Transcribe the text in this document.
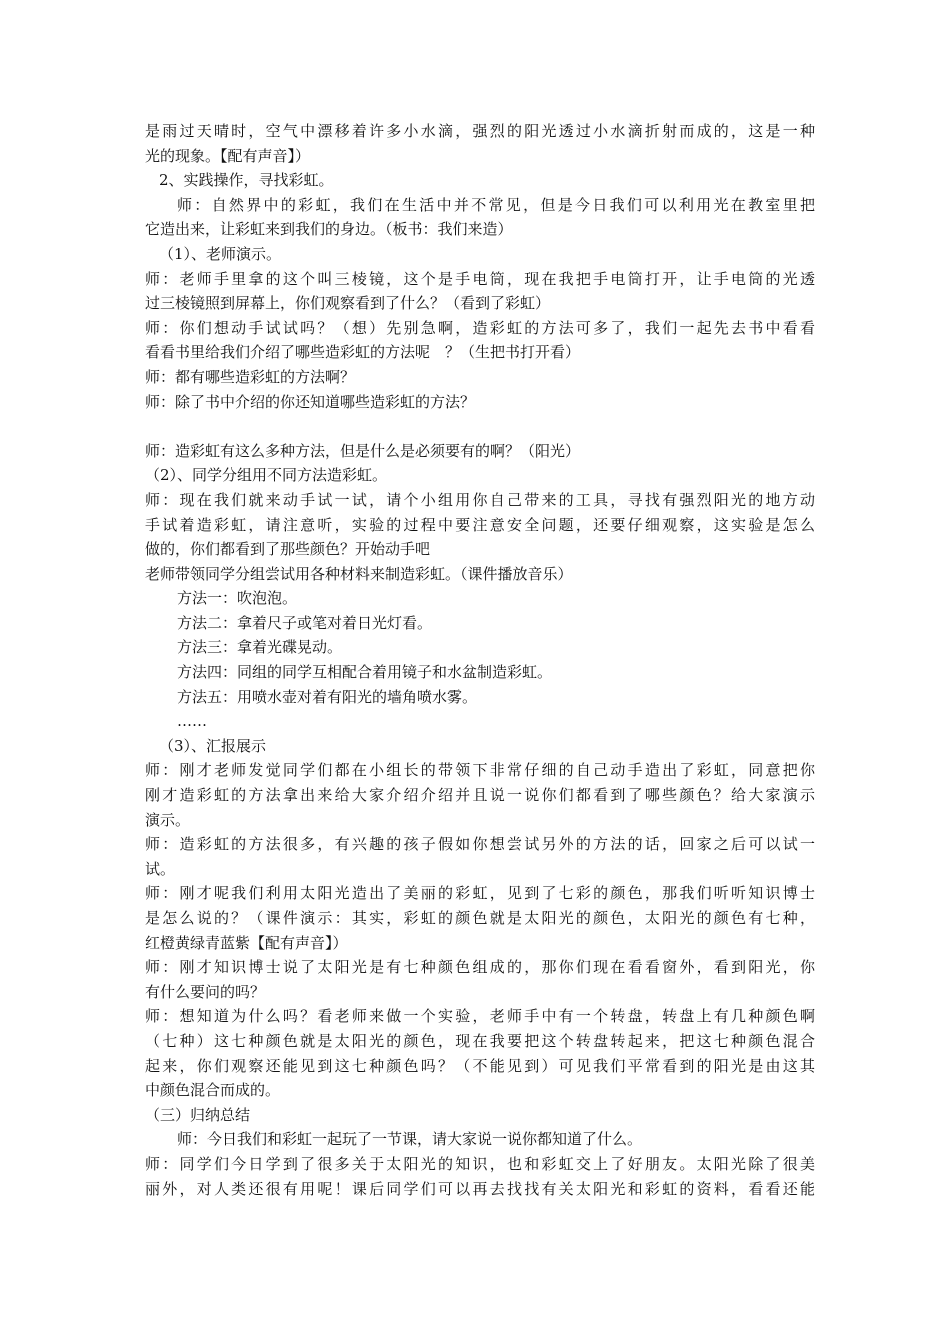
是雨过天晴时，空气中漂移着许多小水滴，强烈的阳光透过小水滴折射而成的，这是一种
光的现象。【配有声音】）
2、实践操作，寻找彩虹。
师：自然界中的彩虹，我们在生活中并不常见，但是今日我们可以利用光在教室里把
它造出来，让彩虹来到我们的身边。（板书：我们来造）
（1）、老师演示。
师：老师手里拿的这个叫三棱镜，这个是手电筒，现在我把手电筒打开，让手电筒的光透
过三棱镜照到屏幕上，你们观察看到了什么？（看到了彩虹）
师：你们想动手试试吗？（想）先别急啊，造彩虹的方法可多了，我们一起先去书中看看
看看书里给我们介绍了哪些造彩虹的方法呢　？（生把书打开看）
师：都有哪些造彩虹的方法啊？
师：除了书中介绍的你还知道哪些造彩虹的方法？
师：造彩虹有这么多种方法，但是什么是必须要有的啊？（阳光）
（2）、同学分组用不同方法造彩虹。
师：现在我们就来动手试一试，请个小组用你自己带来的工具，寻找有强烈阳光的地方动
手试着造彩虹，请注意听，实验的过程中要注意安全问题，还要仔细观察，这实验是怎么
做的，你们都看到了那些颜色？开始动手吧
老师带领同学分组尝试用各种材料来制造彩虹。（课件播放音乐）
方法一：吹泡泡。
方法二：拿着尺子或笔对着日光灯看。
方法三：拿着光碟晃动。
方法四：同组的同学互相配合着用镜子和水盆制造彩虹。
方法五：用喷水壶对着有阳光的墙角喷水雾。
……
（3）、汇报展示
师：刚才老师发觉同学们都在小组长的带领下非常仔细的自己动手造出了彩虹，同意把你
刚才造彩虹的方法拿出来给大家介绍介绍并且说一说你们都看到了哪些颜色？给大家演示
演示。
师：造彩虹的方法很多，有兴趣的孩子假如你想尝试另外的方法的话，回家之后可以试一
试。
师：刚才呢我们利用太阳光造出了美丽的彩虹，见到了七彩的颜色，那我们听听知识博士
是怎么说的？（课件演示：其实，彩虹的颜色就是太阳光的颜色，太阳光的颜色有七种，
红橙黄绿青蓝紫【配有声音】）
师：刚才知识博士说了太阳光是有七种颜色组成的，那你们现在看看窗外，看到阳光，你
有什么要问的吗？
师：想知道为什么吗？看老师来做一个实验，老师手中有一个转盘，转盘上有几种颜色啊
（七种）这七种颜色就是太阳光的颜色，现在我要把这个转盘转起来，把这七种颜色混合
起来，你们观察还能见到这七种颜色吗？（不能见到）可见我们平常看到的阳光是由这其
中颜色混合而成的。
（三）归纳总结
师：今日我们和彩虹一起玩了一节课，请大家说一说你都知道了什么。
师：同学们今日学到了很多关于太阳光的知识，也和彩虹交上了好朋友。太阳光除了很美
丽外，对人类还很有用呢！课后同学们可以再去找找有关太阳光和彩虹的资料，看看还能
